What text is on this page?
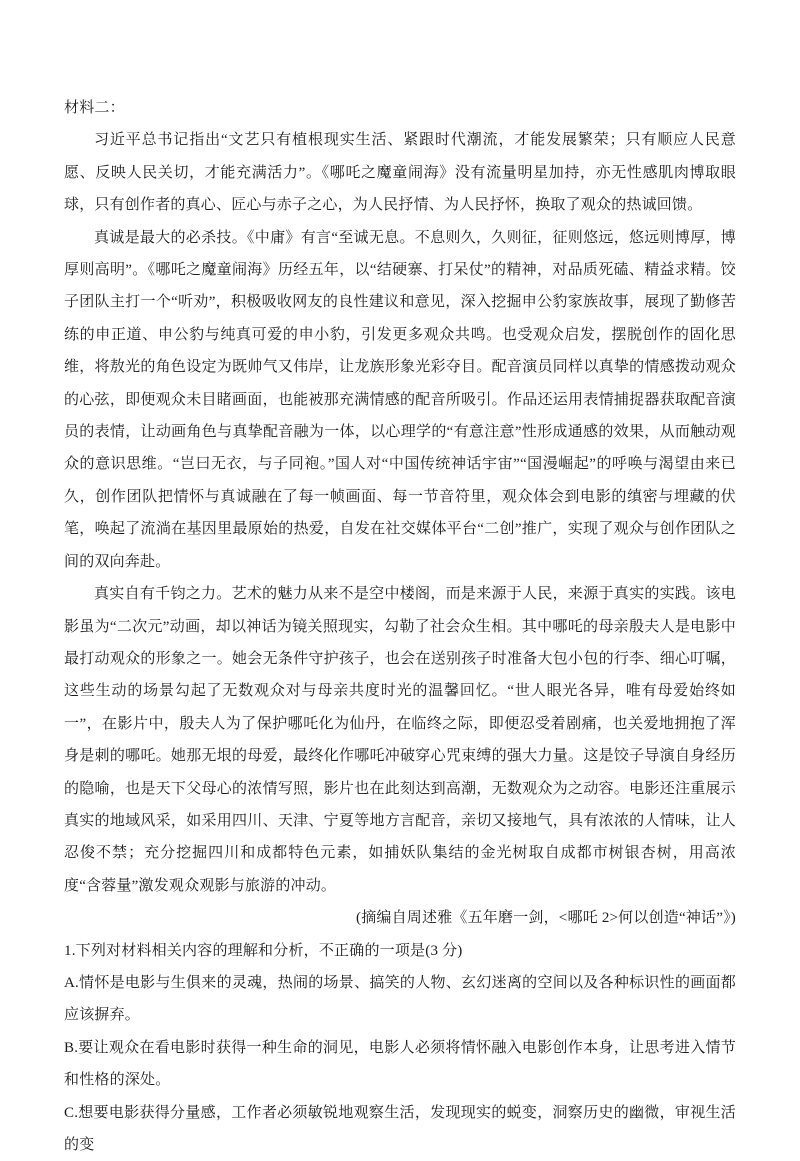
材料二：

习近平总书记指出“文艺只有植根现实生活、紧跟时代潮流，才能发展繁荣；只有顺应人民意愿、反映人民关切，才能充满活力”。《哪吒之魔童闹海》没有流量明星加持，亦无性感肌肉博取眼球，只有创作者的真心、匠心与赤子之心，为人民抒情、为人民抒怀，换取了观众的热诚回馈。

真诚是最大的必杀技。《中庸》有言“至诚无息。不息则久，久则征，征则悠远，悠远则博厚，博厚则高明”。《哪吒之魔童闹海》历经五年，以“结硬寨、打呆仗”的精神，对品质死磕、精益求精。饺子团队主打一个“听劝”，积极吸收网友的良性建议和意见，深入挖掘申公豹家族故事，展现了勤修苦练的申正道、申公豹与纯真可爱的申小豹，引发更多观众共鸣。也受观众启发，摆脱创作的固化思维，将敖光的角色设定为既帅气又伟岸，让龙族形象光彩夺目。配音演员同样以真挚的情感拨动观众的心弦，即便观众未目睹画面，也能被那充满情感的配音所吸引。作品还运用表情捕捉器获取配音演员的表情，让动画角色与真挚配音融为一体，以心理学的“有意注意”性形成通感的效果，从而触动观众的意识思维。“岂曰无衣，与子同袍。”国人对“中国传统神话宇宙”“国漫崛起”的呼唤与渴望由来已久，创作团队把情怀与真诚融在了每一帧画面、每一节音符里，观众体会到电影的缜密与埋藏的伏笔，唤起了流淌在基因里最原始的热爱，自发在社交媒体平台“二创”推广，实现了观众与创作团队之间的双向奔赴。

真实自有千钧之力。艺术的魅力从来不是空中楼阁，而是来源于人民，来源于真实的实践。该电影虽为“二次元”动画，却以神话为镜关照现实，勾勒了社会众生相。其中哪吒的母亲殷夫人是电影中最打动观众的形象之一。她会无条件守护孩子，也会在送别孩子时准备大包小包的行李、细心叮嘱，这些生动的场景勾起了无数观众对与母亲共度时光的温馨回忆。“世人眼光各异，唯有母爱始终如一”，在影片中，殷夫人为了保护哪吒化为仙丹，在临终之际，即便忍受着剧痛，也关爱地拥抱了浑身是刺的哪吒。她那无垠的母爱，最终化作哪吒冲破穿心咒束缚的强大力量。这是饺子导演自身经历的隐喻，也是天下父母心的浓情写照，影片也在此刻达到高潮，无数观众为之动容。电影还注重展示真实的地域风采，如采用四川、天津、宁夏等地方言配音，亲切又接地气，具有浓浓的人情味，让人忍俊不禁；充分挖掘四川和成都特色元素，如捕妖队集结的金光树取自成都市树银杏树，用高浓度“含蓉量”激发观众观影与旅游的冲动。

(摘编自周述雅《五年磨一剑，<哪吒 2>何以创造“神话”》)

1.下列对材料相关内容的理解和分析，不正确的一项是(3 分)

A.情怀是电影与生俱来的灵魂，热闹的场景、搞笑的人物、玄幻迷离的空间以及各种标识性的画面都应该摒弃。

B.要让观众在看电影时获得一种生命的洞见，电影人必须将情怀融入电影创作本身，让思考进入情节和性格的深处。

C.想要电影获得分量感，工作者必须敏锐地观察生活，发现现实的蜕变，洞察历史的幽微，审视生活的变
